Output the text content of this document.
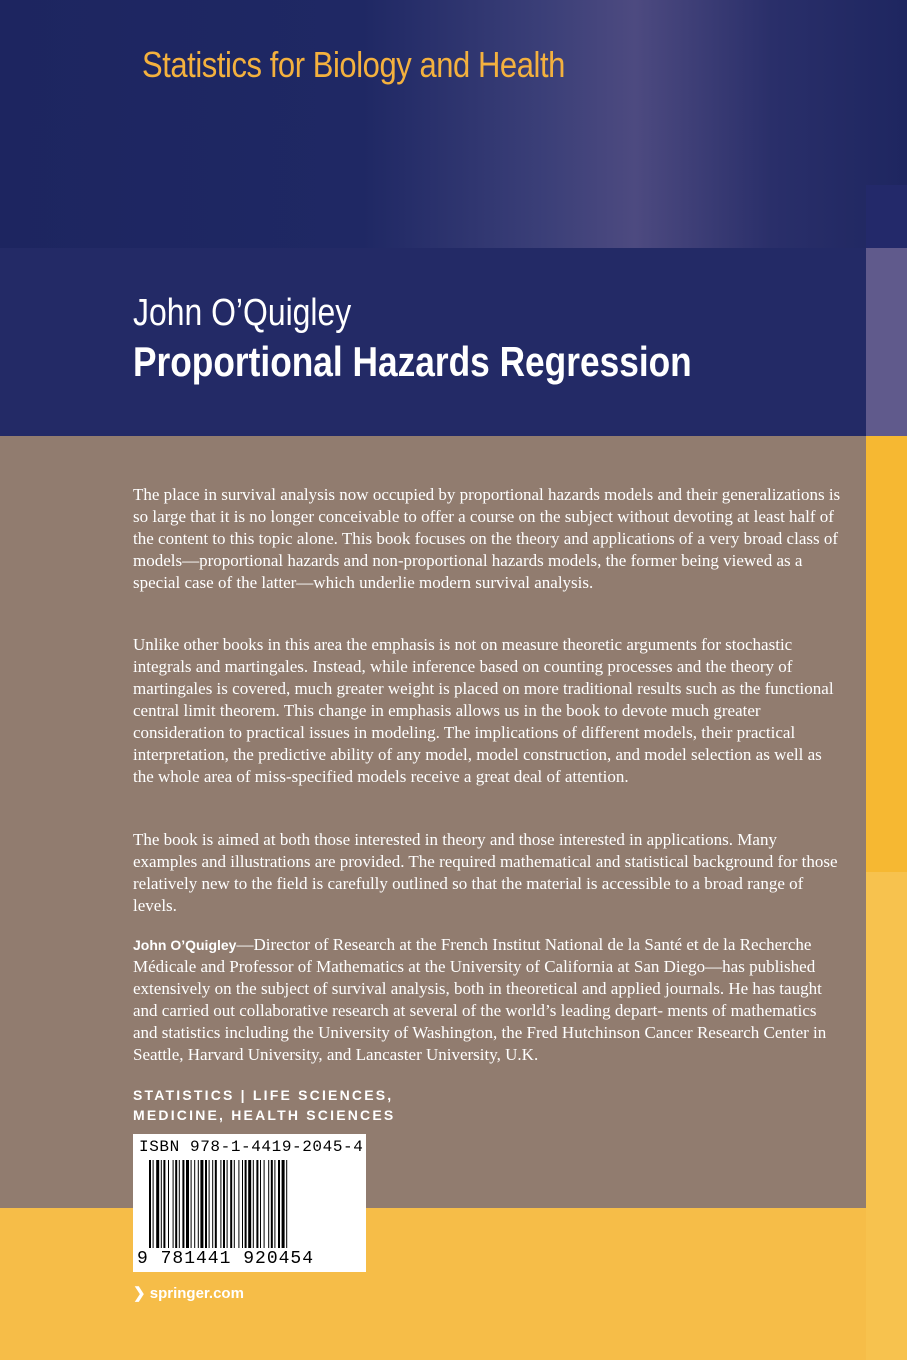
Statistics for Biology and Health
John O’Quigley
Proportional Hazards Regression

The place in survival analysis now occupied by proportional hazards models and their generalizations is so large that it is no longer conceivable to offer a course on the subject without devoting at least half of the content to this topic alone. This book focuses on the theory and applications of a very broad class of models—proportional hazards and non-proportional hazards models, the former being viewed as a special case of the latter—which underlie modern survival analysis.

Unlike other books in this area the emphasis is not on measure theoretic arguments for stochastic integrals and martingales. Instead, while inference based on counting processes and the theory of martingales is covered, much greater weight is placed on more traditional results such as the functional central limit theorem. This change in emphasis allows us in the book to devote much greater consideration to practical issues in modeling. The implications of different models, their practical interpretation, the predictive ability of any model, model construction, and model selection as well as the whole area of miss-specified models receive a great deal of attention.

The book is aimed at both those interested in theory and those interested in applications. Many examples and illustrations are provided. The required mathematical and statistical background for those relatively new to the field is carefully outlined so that the material is accessible to a broad range of levels.

John O’Quigley—Director of Research at the French Institut National de la Santé et de la Recherche Médicale and Professor of Mathematics at the University of California at San Diego—has published extensively on the subject of survival analysis, both in theoretical and applied journals. He has taught and carried out collaborative research at several of the world’s leading depart- ments of mathematics and statistics including the University of Washington, the Fred Hutchinson Cancer Research Center in Seattle, Harvard University, and Lancaster University, U.K.

STATISTICS | LIFE SCIENCES,
MEDICINE, HEALTH SCIENCES
ISBN 978-1-4419-2045-4
9 781441 920454
❯ springer.com
